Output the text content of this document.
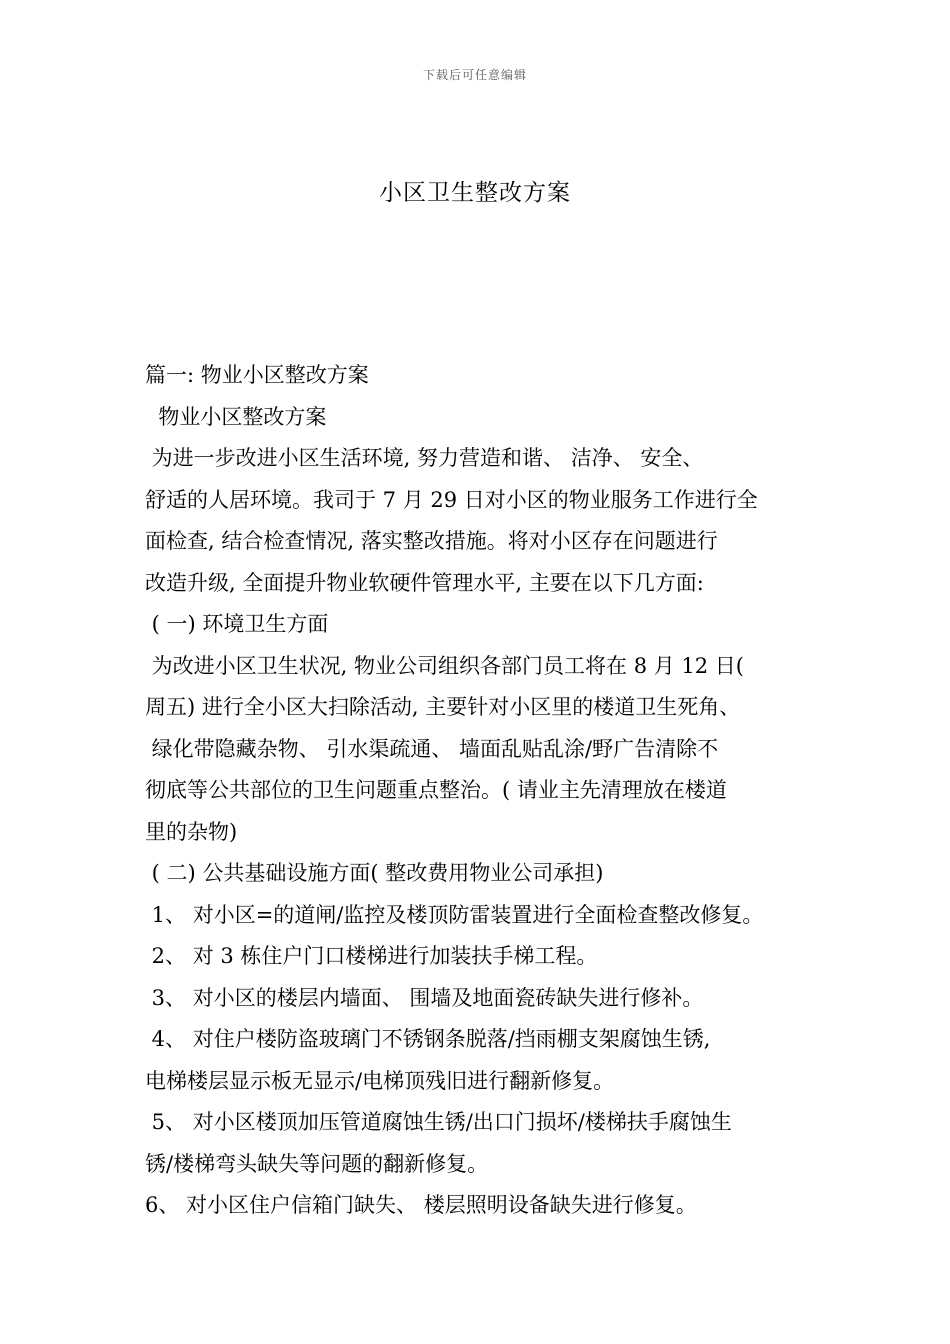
下载后可任意编辑
小区卫生整改方案
篇一: 物业小区整改方案
物业小区整改方案
为进一步改进小区生活环境, 努力营造和谐、 洁净、 安全、
舒适的人居环境。我司于 7 月 29 日对小区的物业服务工作进行全
面检查, 结合检查情况, 落实整改措施。将对小区存在问题进行
改造升级, 全面提升物业软硬件管理水平, 主要在以下几方面:
( 一) 环境卫生方面
为改进小区卫生状况, 物业公司组织各部门员工将在 8 月 12 日(
周五) 进行全小区大扫除活动, 主要针对小区里的楼道卫生死角、
绿化带隐藏杂物、 引水渠疏通、 墙面乱贴乱涂/野广告清除不
彻底等公共部位的卫生问题重点整治。( 请业主先清理放在楼道
里的杂物)
( 二) 公共基础设施方面( 整改费用物业公司承担)
1、 对小区=的道闸/监控及楼顶防雷装置进行全面检查整改修复。
2、 对 3 栋住户门口楼梯进行加装扶手梯工程。
3、 对小区的楼层内墙面、 围墙及地面瓷砖缺失进行修补。
4、 对住户楼防盗玻璃门不锈钢条脱落/挡雨棚支架腐蚀生锈,
电梯楼层显示板无显示/电梯顶残旧进行翻新修复。
5、 对小区楼顶加压管道腐蚀生锈/出口门损坏/楼梯扶手腐蚀生
锈/楼梯弯头缺失等问题的翻新修复。
6、 对小区住户信箱门缺失、 楼层照明设备缺失进行修复。
